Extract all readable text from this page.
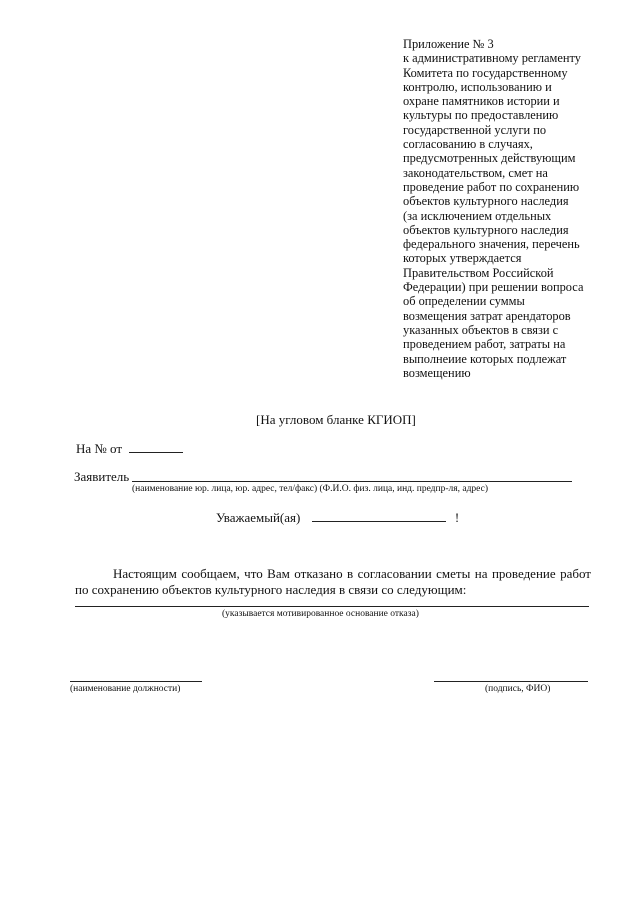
Приложение № 3
к административному регламенту
Комитета по государственному
контролю, использованию и
охране памятников истории и
культуры по предоставлению
государственной услуги по
согласованию в случаях,
предусмотренных действующим
законодательством, смет на
проведение работ по сохранению
объектов культурного наследия
(за исключением отдельных
объектов культурного наследия
федерального значения, перечень
которых утверждается
Правительством Российской
Федерации) при решении вопроса
об определении суммы
возмещения затрат арендаторов
указанных объектов в связи с
проведением работ, затраты на
выполнеиие которых подлежат
возмещению
[На угловом бланке КГИОП]
На № от
Заявитель
(наименование юр. лица, юр. адрес, тел/факс) (Ф.И.О. физ. лица, инд. предпр-ля, адрес)
Уважаемый(ая)	!
Настоящим сообщаем, что Вам отказано в согласовании сметы на проведение работ по сохранению объектов культурного наследия в связи со следующим:
(указывается мотивированное основание отказа)
(наименование должности)	(подпись, ФИО)
